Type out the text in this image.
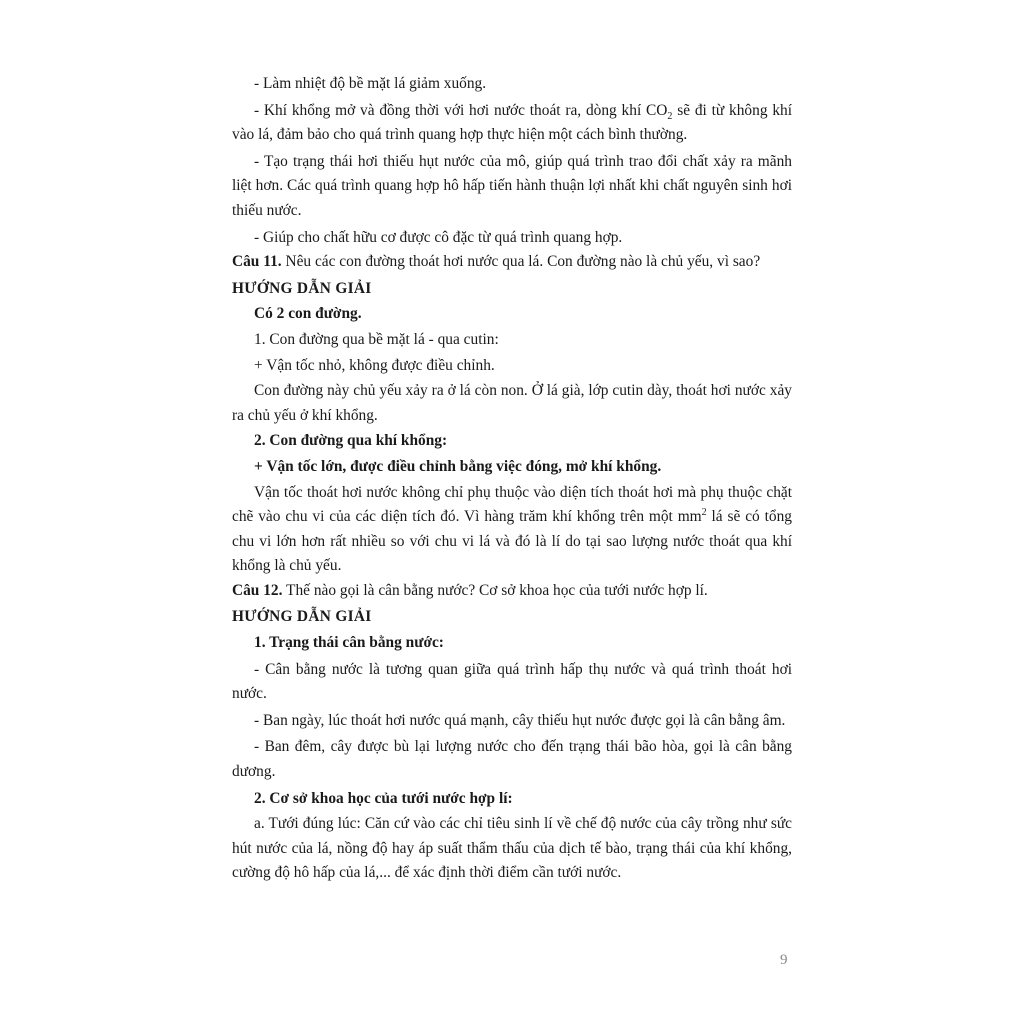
- Làm nhiệt độ bề mặt lá giảm xuống.

- Khí khổng mở và đồng thời với hơi nước thoát ra, dòng khí $CO_2$ sẽ đi từ không khí vào lá, đảm bảo cho quá trình quang hợp thực hiện một cách bình thường.

- Tạo trạng thái hơi thiếu hụt nước của mô, giúp quá trình trao đổi chất xảy ra mãnh liệt hơn. Các quá trình quang hợp hô hấp tiến hành thuận lợi nhất khi chất nguyên sinh hơi thiếu nước.

- Giúp cho chất hữu cơ được cô đặc từ quá trình quang hợp.

Câu 11. Nêu các con đường thoát hơi nước qua lá. Con đường nào là chủ yếu, vì sao?

HƯỚNG DẪN GIẢI

Có 2 con đường.

1. Con đường qua bề mặt lá - qua cutin:

+ Vận tốc nhỏ, không được điều chỉnh.

Con đường này chủ yếu xảy ra ở lá còn non. Ở lá già, lớp cutin dày, thoát hơi nước xảy ra chủ yếu ở khí khổng.

2. Con đường qua khí khổng:

+ Vận tốc lớn, được điều chỉnh bằng việc đóng, mở khí khổng.

Vận tốc thoát hơi nước không chỉ phụ thuộc vào diện tích thoát hơi mà phụ thuộc chặt chẽ vào chu vi của các diện tích đó. Vì hàng trăm khí khổng trên một $mm^2$ lá sẽ có tổng chu vi lớn hơn rất nhiều so với chu vi lá và đó là lí do tại sao lượng nước thoát qua khí khổng là chủ yếu.

Câu 12. Thế nào gọi là cân bằng nước? Cơ sở khoa học của tưới nước hợp lí.

HƯỚNG DẪN GIẢI

1. Trạng thái cân bằng nước:

- Cân bằng nước là tương quan giữa quá trình hấp thụ nước và quá trình thoát hơi nước.

- Ban ngày, lúc thoát hơi nước quá mạnh, cây thiếu hụt nước được gọi là cân bằng âm.

- Ban đêm, cây được bù lại lượng nước cho đến trạng thái bão hòa, gọi là cân bằng dương.

2. Cơ sở khoa học của tưới nước hợp lí:

a. Tưới đúng lúc: Căn cứ vào các chỉ tiêu sinh lí về chế độ nước của cây trồng như sức hút nước của lá, nồng độ hay áp suất thẩm thấu của dịch tế bào, trạng thái của khí khổng, cường độ hô hấp của lá,... để xác định thời điểm cần tưới nước.

9
